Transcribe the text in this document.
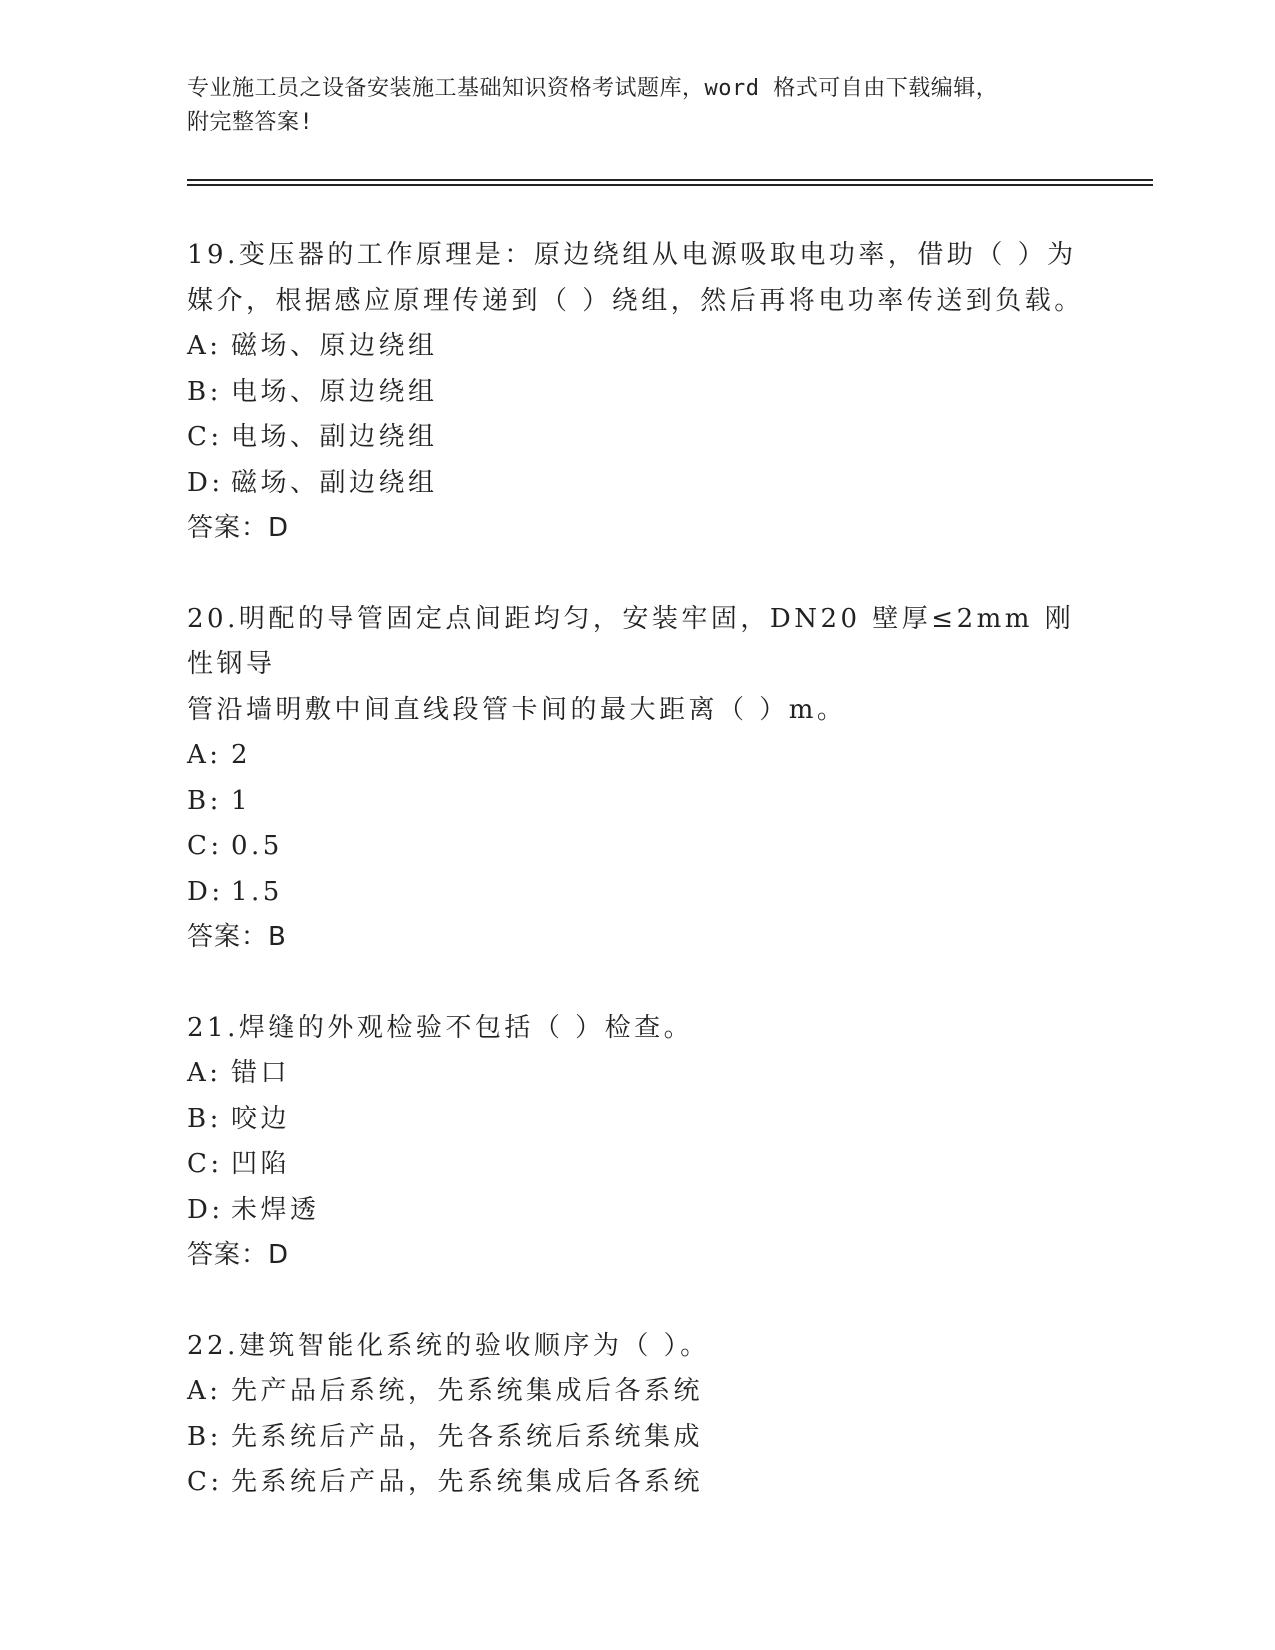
专业施工员之设备安装施工基础知识资格考试题库，word 格式可自由下载编辑，
附完整答案!
19.变压器的工作原理是：原边绕组从电源吸取电功率，借助（ ）为
媒介，根据感应原理传递到（ ）绕组，然后再将电功率传送到负载。
A: 磁场、原边绕组
B: 电场、原边绕组
C: 电场、副边绕组
D: 磁场、副边绕组
答案：D
20.明配的导管固定点间距均匀，安装牢固，DN20 壁厚≤2mm 刚性钢导
管沿墙明敷中间直线段管卡间的最大距离（ ）m。
A: 2
B: 1
C: 0.5
D: 1.5
答案：B
21.焊缝的外观检验不包括（ ）检查。
A: 错口
B: 咬边
C: 凹陷
D: 未焊透
答案：D
22.建筑智能化系统的验收顺序为（ ）。
A: 先产品后系统，先系统集成后各系统
B: 先系统后产品，先各系统后系统集成
C: 先系统后产品，先系统集成后各系统
